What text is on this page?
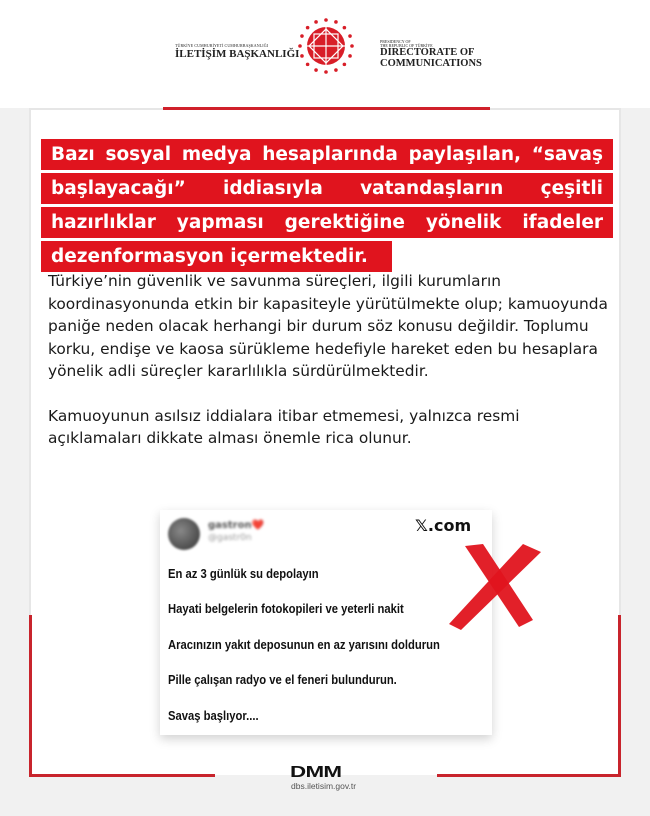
TÜRKİYE CUMHURİYETİ CUMHURBAŞKANLIĞI
İLETİŞİM BAŞKANLIĞI
PRESIDENCY OF
THE REPUBLIC OF TÜRKİYE
DIRECTORATE OF
COMMUNICATIONS
Bazı sosyal medya hesaplarında paylaşılan, “savaş
başlayacağı” iddiasıyla vatandaşların çeşitli
hazırlıklar yapması gerektiğine yönelik ifadeler
dezenformasyon içermektedir.

Türkiye’nin güvenlik ve savunma süreçleri, ilgili kurumların koordinasyonunda etkin bir kapasiteyle yürütülmekte olup; kamuoyunda paniğe neden olacak herhangi bir durum söz konusu değildir. Toplumu korku, endişe ve kaosa sürükleme hedefiyle hareket eden bu hesaplara yönelik adli süreçler kararlılıkla sürdürülmektedir.

Kamuoyunun asılsız iddialara itibar etmemesi, yalnızca resmi açıklamaları dikkate alması önemle rica olunur.

gastron❤️
@gastr0n
𝕏.com
En az 3 günlük su depolayın
Hayati belgelerin fotokopileri ve yeterli nakit
Aracınızın yakıt deposunun en az yarısını doldurun
Pille çalışan radyo ve el feneri bulundurun.
Savaş başlıyor....
DMM
dbs.iletisim.gov.tr
